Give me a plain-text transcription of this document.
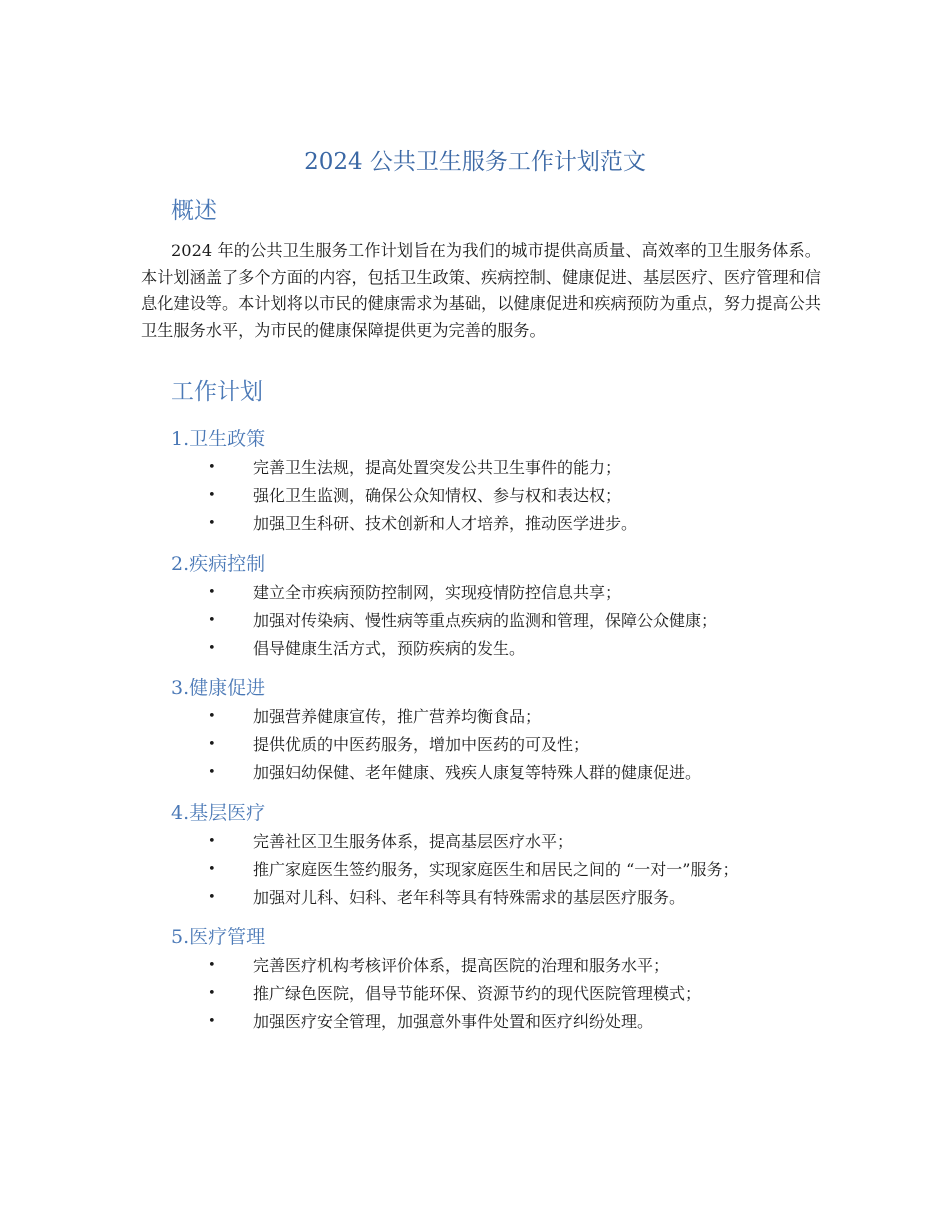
2024 公共卫生服务工作计划范文
概述

2024 年的公共卫生服务工作计划旨在为我们的城市提供高质量、高效率的卫生服务体系。本计划涵盖了多个方面的内容，包括卫生政策、疾病控制、健康促进、基层医疗、医疗管理和信息化建设等。本计划将以市民的健康需求为基础，以健康促进和疾病预防为重点，努力提高公共卫生服务水平，为市民的健康保障提供更为完善的服务。

工作计划
1.卫生政策
• 完善卫生法规，提高处置突发公共卫生事件的能力；
• 强化卫生监测，确保公众知情权、参与权和表达权；
• 加强卫生科研、技术创新和人才培养，推动医学进步。
2.疾病控制
• 建立全市疾病预防控制网，实现疫情防控信息共享；
• 加强对传染病、慢性病等重点疾病的监测和管理，保障公众健康；
• 倡导健康生活方式，预防疾病的发生。
3.健康促进
• 加强营养健康宣传，推广营养均衡食品；
• 提供优质的中医药服务，增加中医药的可及性；
• 加强妇幼保健、老年健康、残疾人康复等特殊人群的健康促进。
4.基层医疗
• 完善社区卫生服务体系，提高基层医疗水平；
• 推广家庭医生签约服务，实现家庭医生和居民之间的 “一对一”服务；
• 加强对儿科、妇科、老年科等具有特殊需求的基层医疗服务。
5.医疗管理
• 完善医疗机构考核评价体系，提高医院的治理和服务水平；
• 推广绿色医院，倡导节能环保、资源节约的现代医院管理模式；
• 加强医疗安全管理，加强意外事件处置和医疗纠纷处理。
